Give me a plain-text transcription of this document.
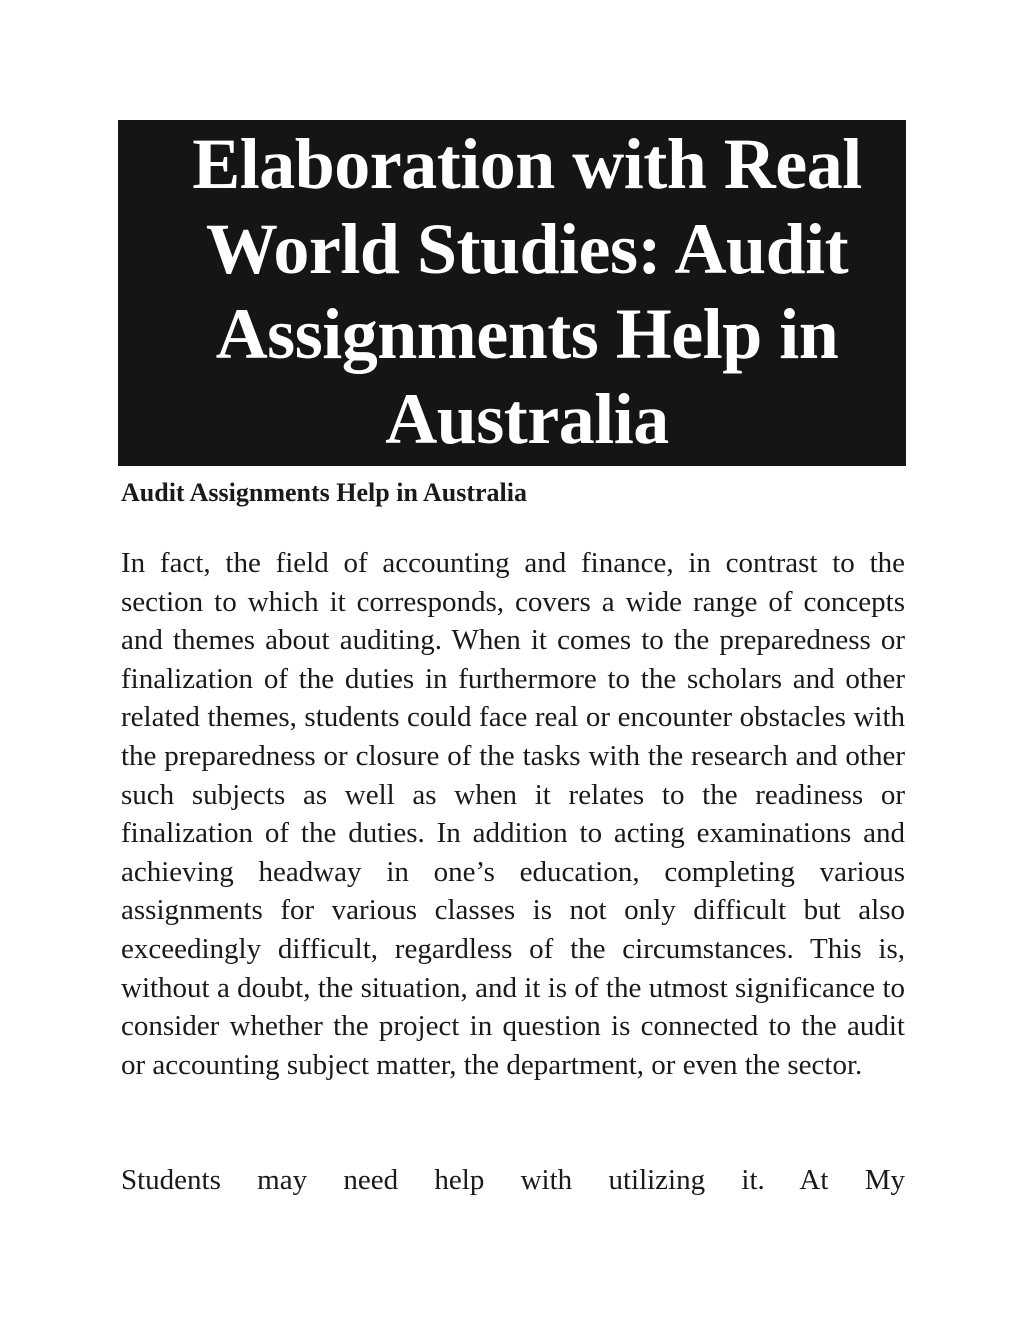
Elaboration with Real World Studies: Audit Assignments Help in Australia
Audit Assignments Help in Australia

In fact, the field of accounting and finance, in contrast to the section to which it corresponds, covers a wide range of concepts and themes about auditing. When it comes to the preparedness or finalization of the duties in furthermore to the scholars and other related themes, students could face real or encounter obstacles with the preparedness or closure of the tasks with the research and other such subjects as well as when it relates to the readiness or finalization of the duties. In addition to acting examinations and achieving headway in one’s education, completing various assignments for various classes is not only difficult but also exceedingly difficult, regardless of the circumstances. This is, without a doubt, the situation, and it is of the utmost significance to consider whether the project in question is connected to the audit or accounting subject matter, the department, or even the sector.

Students may need help with utilizing it. At My
